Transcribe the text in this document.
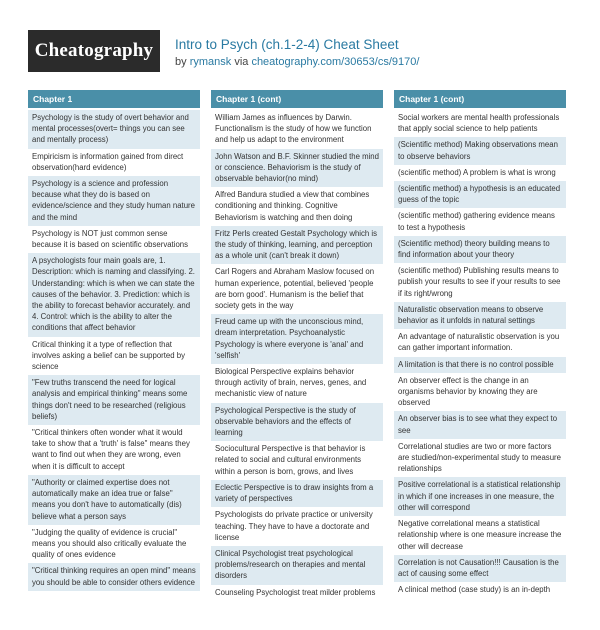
Cheatography	Intro to Psych (ch.1-2-4) Cheat Sheet
by rymansk via cheatography.com/30653/cs/9170/
Chapter 1
Psychology is the study of overt behavior and mental processes(overt= things you can see and mentally process)
Empiricism is information gained from direct observation(hard evidence)
Psychology is a science and profession because what they do is based on evidence/science and they study human nature and the mind
Psychology is NOT just common sense because it is based on scientific observations
A psychologists four main goals are, 1. Description: which is naming and classifying. 2. Understanding: which is when we can state the causes of the behavior. 3. Prediction: which is the ability to forecast behavior accurately. and 4. Control: which is the ability to alter the conditions that affect behavior
Critical thinking it a type of reflection that involves asking a belief can be supported by science
"Few truths transcend the need for logical analysis and empirical thinking" means some things don't need to be researched (religious beliefs)
"Critical thinkers often wonder what it would take to show that a 'truth' is false" means they want to find out when they are wrong, even when it is difficult to accept
"Authority or claimed expertise does not automatically make an idea true or false" means you don't have to automatically (dis) believe what a person says
"Judging the quality of evidence is crucial" means you should also critically evaluate the quality of ones evidence
"Critical thinking requires an open mind" means you should be able to consider others evidence
Chapter 1 (cont)
William James as influences by Darwin. Functionalism is the study of how we function and help us adapt to the environment
John Watson and B.F. Skinner studied the mind or conscience. Behaviorism is the study of observable behavior(no mind)
Alfred Bandura studied a view that combines conditioning and thinking. Cognitive Behaviorism is watching and then doing
Fritz Perls created Gestalt Psychology which is the study of thinking, learning, and perception as a whole unit (can't break it down)
Carl Rogers and Abraham Maslow focused on human experience, potential, believed 'people are born good'. Humanism is the belief that society gets in the way
Freud came up with the unconscious mind, dream interpretation. Psychoanalystic Psychology is where everyone is 'anal' and 'selfish'
Biological Perspective explains behavior through activity of brain, nerves, genes, and mechanistic view of nature
Psychological Perspective is the study of observable behaviors and the effects of learning
Sociocultural Perspective is that behavior is related to social and cultural environments within a person is born, grows, and lives
Eclectic Perspective is to draw insights from a variety of perspectives
Psychologists do private practice or university teaching. They have to have a doctorate and license
Clinical Psychologist treat psychological problems/research on therapies and mental disorders
Counseling Psychologist treat milder problems
Chapter 1 (cont)
Social workers are mental health professionals that apply social science to help patients
(Scientific method) Making observations mean to observe behaviors
(scientific method) A problem is what is wrong
(scientific method) a hypothesis is an educated guess of the topic
(scientific method) gathering evidence means to test a hypothesis
(Scientific method) theory building means to find information about your theory
(scientific method) Publishing results means to publish your results to see if your results to see if its right/wrong
Naturalistic observation means to observe behavior as it unfolds in natural settings
An advantage of naturalistic observation is you can gather important information.
A limitation is that there is no control possible
An observer effect is the change in an organisms behavior by knowing they are observed
An observer bias is to see what they expect to see
Correlational studies are two or more factors are studied/non-experimental study to measure relationships
Positive correlational is a statistical relationship in which if one increases in one measure, the other will correspond
Negative correlational means a statistical relationship where is one measure increase the other will decrease
Correlation is not Causation!!! Causation is the act of causing some effect
A clinical method (case study) is an in-depth
